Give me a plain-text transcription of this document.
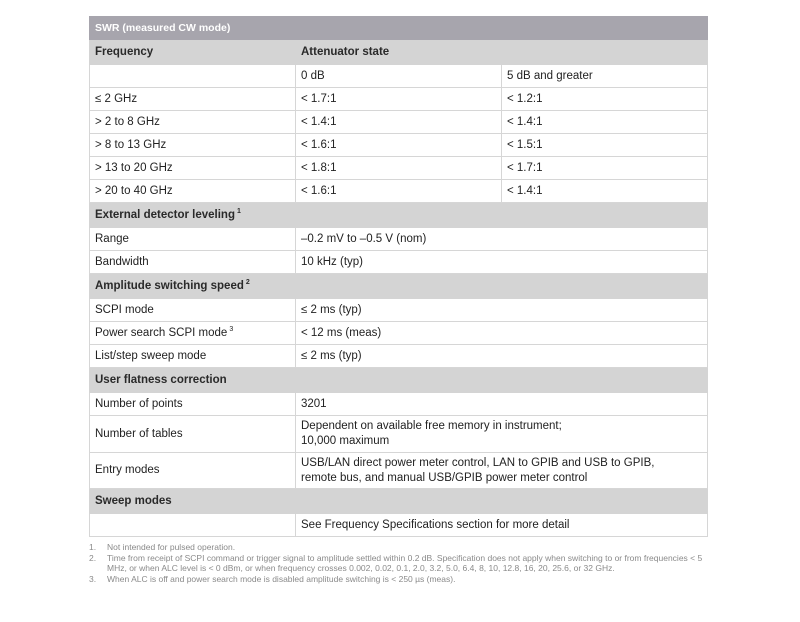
SWR (measured CW mode)		
Frequency	Attenuator state	
	0 dB	5 dB and greater
≤ 2 GHz	< 1.7:1	< 1.2:1
> 2 to 8 GHz	< 1.4:1	< 1.4:1
> 8 to 13 GHz	< 1.6:1	< 1.5:1
> 13 to 20 GHz	< 1.8:1	< 1.7:1
> 20 to 40 GHz	< 1.6:1	< 1.4:1
External detector leveling $^1$
Range	–0.2 mV to –0.5 V (nom)	
Bandwidth	10 kHz (typ)	
Amplitude switching speed $^2$
SCPI mode	≤ 2 ms (typ)	
Power search SCPI mode $^3$	< 12 ms (meas)	
List/step sweep mode	≤ 2 ms (typ)	
User flatness correction		
Number of points	3201	
Number of tables	Dependent on available free memory in instrument;
10,000 maximum	
Entry modes	USB/LAN direct power meter control, LAN to GPIB and USB to GPIB,
remote bus, and manual USB/GPIB power meter control	
Sweep modes		
	See Frequency Specifications section for more detail	
1.	Not intended for pulsed operation.
2.	Time from receipt of SCPI command or trigger signal to amplitude settled within 0.2 dB. Specification does not apply when switching to or from frequencies < 5 MHz, or when ALC level is < 0 dBm, or when frequency crosses 0.002, 0.02, 0.1, 2.0, 3.2, 5.0, 6.4, 8, 10, 12.8, 16, 20, 25.6, or 32 GHz.
3.	When ALC is off and power search mode is disabled amplitude switching is < 250 µs (meas).
